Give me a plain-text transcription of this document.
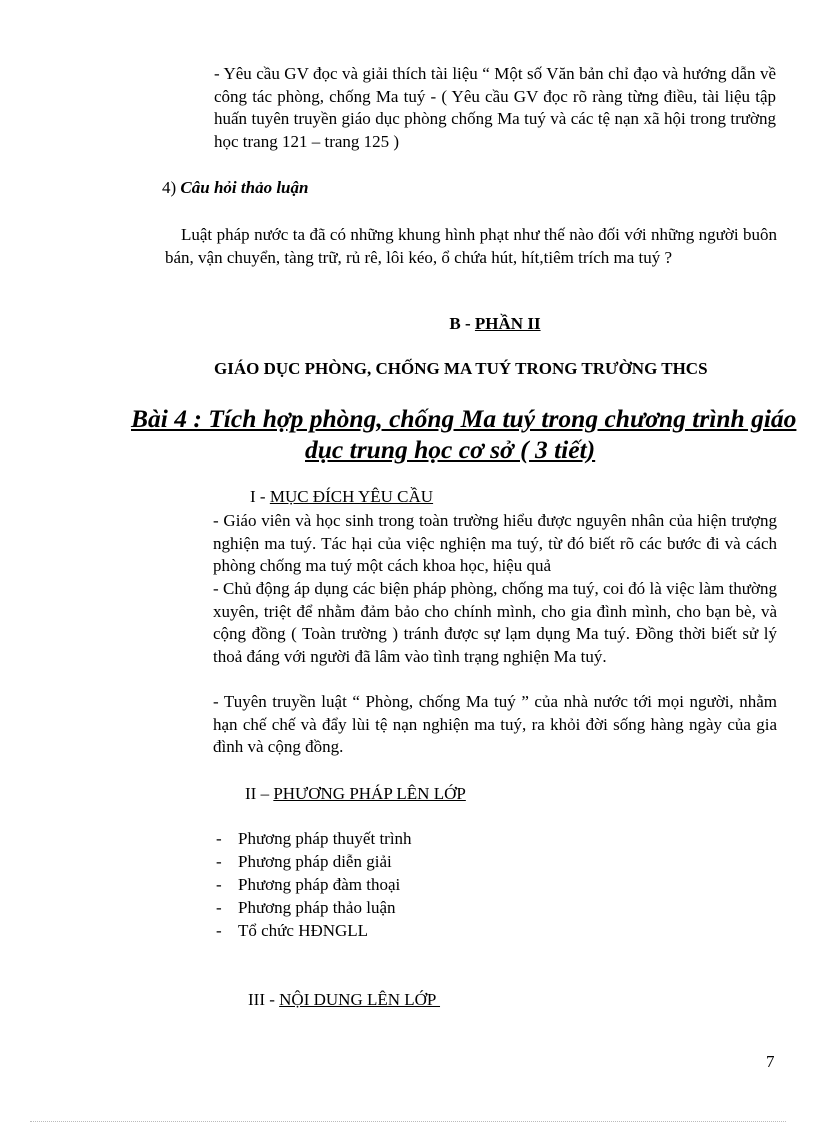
- Yêu cầu GV đọc và giải thích tài liệu “ Một số Văn bản chỉ đạo và hướng dẫn về công tác phòng, chống Ma tuý - ( Yêu cầu GV đọc rõ ràng từng điều, tài liệu tập huấn tuyên truyền giáo dục phòng chống Ma tuý và các tệ nạn xã hội trong trường học trang 121 – trang 125 )

4) Câu hỏi thảo luận

Luật pháp nước ta đã có những khung hình phạt như thế nào đối với những người buôn bán, vận chuyển, tàng trữ, rủ rê, lôi kéo, ổ chứa hút, hít,tiêm trích ma tuý ?

B - PHẦN II
GIÁO DỤC PHÒNG, CHỐNG MA TUÝ TRONG TRƯỜNG THCS
Bài 4 : Tích hợp phòng, chống Ma tuý trong chương trình giáo
dục trung học cơ sở ( 3 tiết)
I - MỤC ĐÍCH YÊU CẦU

- Giáo viên và học sinh trong toàn trường hiểu được nguyên nhân của hiện trượng nghiện ma tuý. Tác hại của việc nghiện ma tuý, từ đó biết rõ các bước đi và cách phòng chống ma tuý một cách khoa học, hiệu quả

- Chủ động áp dụng các biện pháp phòng, chống ma tuý, coi đó là việc làm thường xuyên, triệt để nhằm đảm bảo cho chính mình, cho gia đình mình, cho bạn bè, và cộng đồng ( Toàn trường ) tránh được sự lạm dụng Ma tuý. Đồng thời biết sử lý thoả đáng với người đã lâm vào tình trạng nghiện Ma tuý.

- Tuyên truyền luật “ Phòng, chống Ma tuý ” của nhà nước tới mọi người, nhằm hạn chế chế và đẩy lùi tệ nạn nghiện ma tuý, ra khỏi đời sống hàng ngày của gia đình và cộng đồng.

II – PHƯƠNG PHÁP LÊN LỚP
- Phương pháp thuyết trình
- Phương pháp diễn giải
- Phương pháp đàm thoại
- Phương pháp thảo luận
- Tổ chức HĐNGLL
III - NỘI DUNG LÊN LỚP
7
